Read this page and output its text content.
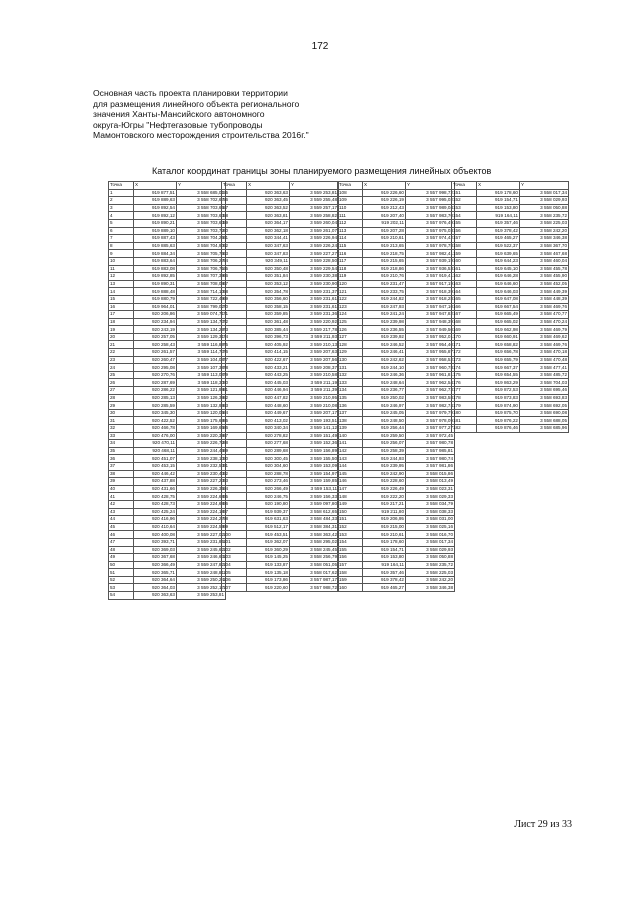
172
Основная часть проекта планировки территории
для размещения линейного объекта регионального
значения Ханты-Мансийского автономного
округа-Югры "Нефтегазовые тубопроводы
Мамонтовского месторождения строительства 2016г."
Каталог координат границы зоны планируемого размещения линейных объектов
Точка	X	Y
1	919 877,51	3 558 685,01
2	919 889,63	3 558 702,67
3	919 892,54	3 558 703,65
4	919 892,12	3 558 703,63
5	919 890,21	3 558 703,63
6	919 889,10	3 558 703,72
7	919 887,43	3 558 704,25
8	919 885,63	3 558 704,90
9	919 884,34	3 558 705,76
10	919 883,64	3 558 706,27
11	919 883,08	3 558 706,71
12	919 892,85	3 558 707,39
13	919 890,31	3 558 708,08
14	919 888,48	3 558 714,10
15	919 880,79	3 558 722,49
16	919 964,01	3 558 799,02
17	920 206,86	3 559 074,71
18	920 234,94	3 559 134,73
19	920 243,19	3 559 134,29
20	920 257,05	3 559 129,31
21	920 258,43	3 559 116,89
22	920 261,57	3 559 114,73
23	920 260,47	3 559 104,08
24	920 295,08	3 559 107,38
25	920 270,76	3 559 113,08
26	920 287,69	3 559 118,30
27	920 286,22	3 559 121,98
28	920 285,13	3 559 126,39
29	920 285,59	3 559 132,99
30	920 345,30	3 559 120,05
31	920 422,52	3 559 175,69
32	920 466,78	3 559 169,65
33	920 476,00	3 559 220,39
34	920 470,11	3 559 226,72
35	920 468,11	3 559 244,46
36	920 451,07	3 559 238,10
37	920 453,15	3 559 232,53
38	920 446,42	3 559 230,43
39	920 437,88	3 559 227,23
40	920 431,66	3 559 226,35
41	920 428,75	3 559 224,68
42	920 428,73	3 559 224,68
43	920 425,24	3 559 224,18
44	920 416,96	3 559 224,27
45	920 410,64	3 559 224,59
46	920 400,08	3 559 227,02
47	920 393,71	3 559 231,85
48	920 369,03	3 559 245,62
49	920 367,68	3 559 246,63
50	920 366,49	3 559 247,82
51	920 365,71	3 559 248,81
52	920 364,64	3 559 250,24
53	920 364,03	3 559 252,17
54	920 363,63	3 559 253,81
Точка	X	Y
55	920 363,63	3 559 253,81
56	920 363,45	3 559 255,48
57	920 363,52	3 559 257,17
58	920 363,81	3 559 258,82
59	920 364,17	3 559 260,04
60	920 362,18	3 559 261,07
61	920 344,41	3 559 226,94
62	920 347,63	3 559 226,24
63	920 347,83	3 559 227,27
64	920 349,11	3 559 228,50
65	920 350,48	3 559 229,54
66	920 351,84	3 559 230,38
67	920 353,12	3 559 230,90
68	920 354,78	3 559 231,37
69	920 356,60	3 559 231,61
70	920 358,15	3 559 231,61
71	920 359,85	3 559 231,36
72	920 361,48	3 559 220,92
73	920 385,44	3 559 217,78
74	920 396,73	3 559 211,93
75	920 405,92	3 559 210,13
76	920 414,15	3 559 207,63
77	920 422,67	3 559 207,56
78	920 433,21	3 559 208,37
79	920 443,25	3 559 210,58
80	920 445,03	3 559 211,19
81	920 446,94	3 559 211,39
82	920 447,82	3 559 210,95
83	920 448,60	3 559 210,08
84	920 449,67	3 559 207,17
85	920 413,02	3 559 193,51
86	920 340,34	3 559 141,12
87	920 278,82	3 559 151,49
88	920 277,68	3 559 152,36
89	920 289,68	3 559 156,89
90	920 300,45	3 559 155,50
91	920 304,60	3 559 153,09
92	920 288,78	3 559 154,97
93	920 273,46	3 559 159,85
94	920 266,49	3 559 153,11
95	920 246,75	3 559 156,33
96	920 190,80	3 559 097,80
97	919 939,37	3 558 612,65
98	919 631,63	3 558 484,33
99	919 512,17	3 558 384,31
100	919 453,51	3 558 363,42
101	919 362,07	3 558 295,02
102	919 360,29	3 558 245,45
103	919 145,25	3 558 256,79
104	919 133,87	3 558 051,05
105	919 135,18	3 558 017,62
106	919 173,86	3 557 987,17
107	919 220,60	3 557 988,72
Точка	X	Y
108	919 226,60	3 557 998,72
109	919 226,19	3 557 995,02
110	919 212,43	3 557 989,04
111	919 207,40	3 557 983,70
112	919 202,11	3 557 976,49
113	919 207,28	3 557 975,03
114	919 210,61	3 557 974,42
115	919 213,65	3 557 978,78
116	919 218,75	3 557 982,41
117	919 215,65	3 557 939,19
118	919 218,86	3 557 936,53
119	919 210,76	3 557 919,41
120	919 231,47	3 557 917,19
121	919 233,75	3 557 918,39
122	919 244,82	3 557 918,28
123	919 247,93	3 557 947,10
124	919 241,24	3 557 947,82
125	919 239,98	3 557 948,39
126	919 236,55	3 557 949,50
127	919 239,92	3 557 952,01
128	919 246,52	3 557 954,40
129	919 246,41	3 557 955,87
130	919 242,62	3 557 958,52
131	919 244,10	3 557 960,78
132	919 246,36	3 557 961,81
133	919 248,64	3 557 962,54
134	919 236,77	3 557 962,73
135	919 250,02	3 557 983,58
136	919 246,97	3 557 982,74
137	919 245,05	3 557 979,79
138	919 248,50	3 557 978,09
139	919 256,44	3 557 977,27
140	919 259,50	3 557 972,45
141	919 256,07	3 557 980,78
142	919 258,39	3 557 985,81
143	919 244,93	3 557 980,74
144	919 239,95	3 557 981,86
145	919 242,90	3 558 015,86
146	919 228,60	3 558 013,49
147	919 226,49	3 558 023,31
148	919 222,20	3 558 029,33
149	919 217,21	3 558 034,79
150	919 211,80	3 558 038,33
151	919 206,95	3 558 031,00
152	919 215,00	3 558 025,16
153	919 210,61	3 558 016,70
154	919 178,60	3 558 017,34
155	919 154,71	3 558 029,93
156	919 153,80	3 558 050,88
157	919 164,11	3 558 235,72
158	919 357,46	3 558 225,03
159	919 378,42	3 558 242,20
160	919 465,27	3 558 346,38
Точка	X	Y
151	919 178,60	3 558 017,34
152	919 154,71	3 558 029,93
153	919 153,80	3 558 050,88
154	919 164,11	3 558 235,72
155	919 357,46	3 558 225,03
156	919 378,42	3 558 242,20
157	919 465,27	3 558 346,38
158	919 522,37	3 558 367,70
159	919 639,65	3 558 467,68
160	919 644,23	3 558 460,04
161	919 645,10	3 558 455,78
162	919 646,28	3 558 455,90
163	919 646,60	3 558 452,05
164	919 646,03	3 558 449,39
165	919 647,08	3 558 448,39
166	919 667,54	3 558 469,76
167	919 665,49	3 558 470,77
168	919 665,02	3 558 470,24
169	919 662,98	3 558 469,79
170	919 660,91	3 558 469,62
171	919 658,82	3 558 469,76
172	919 656,78	3 558 470,18
173	919 655,79	3 558 470,48
174	919 667,37	3 558 477,41
175	919 654,55	3 558 485,72
176	919 863,29	3 558 704,03
177	919 872,53	3 558 695,46
178	919 873,83	3 558 693,83
179	919 874,90	3 558 692,05
180	919 875,70	3 558 690,08
181	919 876,22	3 558 688,05
182	919 876,46	3 558 685,96
Лист 29 из 33
